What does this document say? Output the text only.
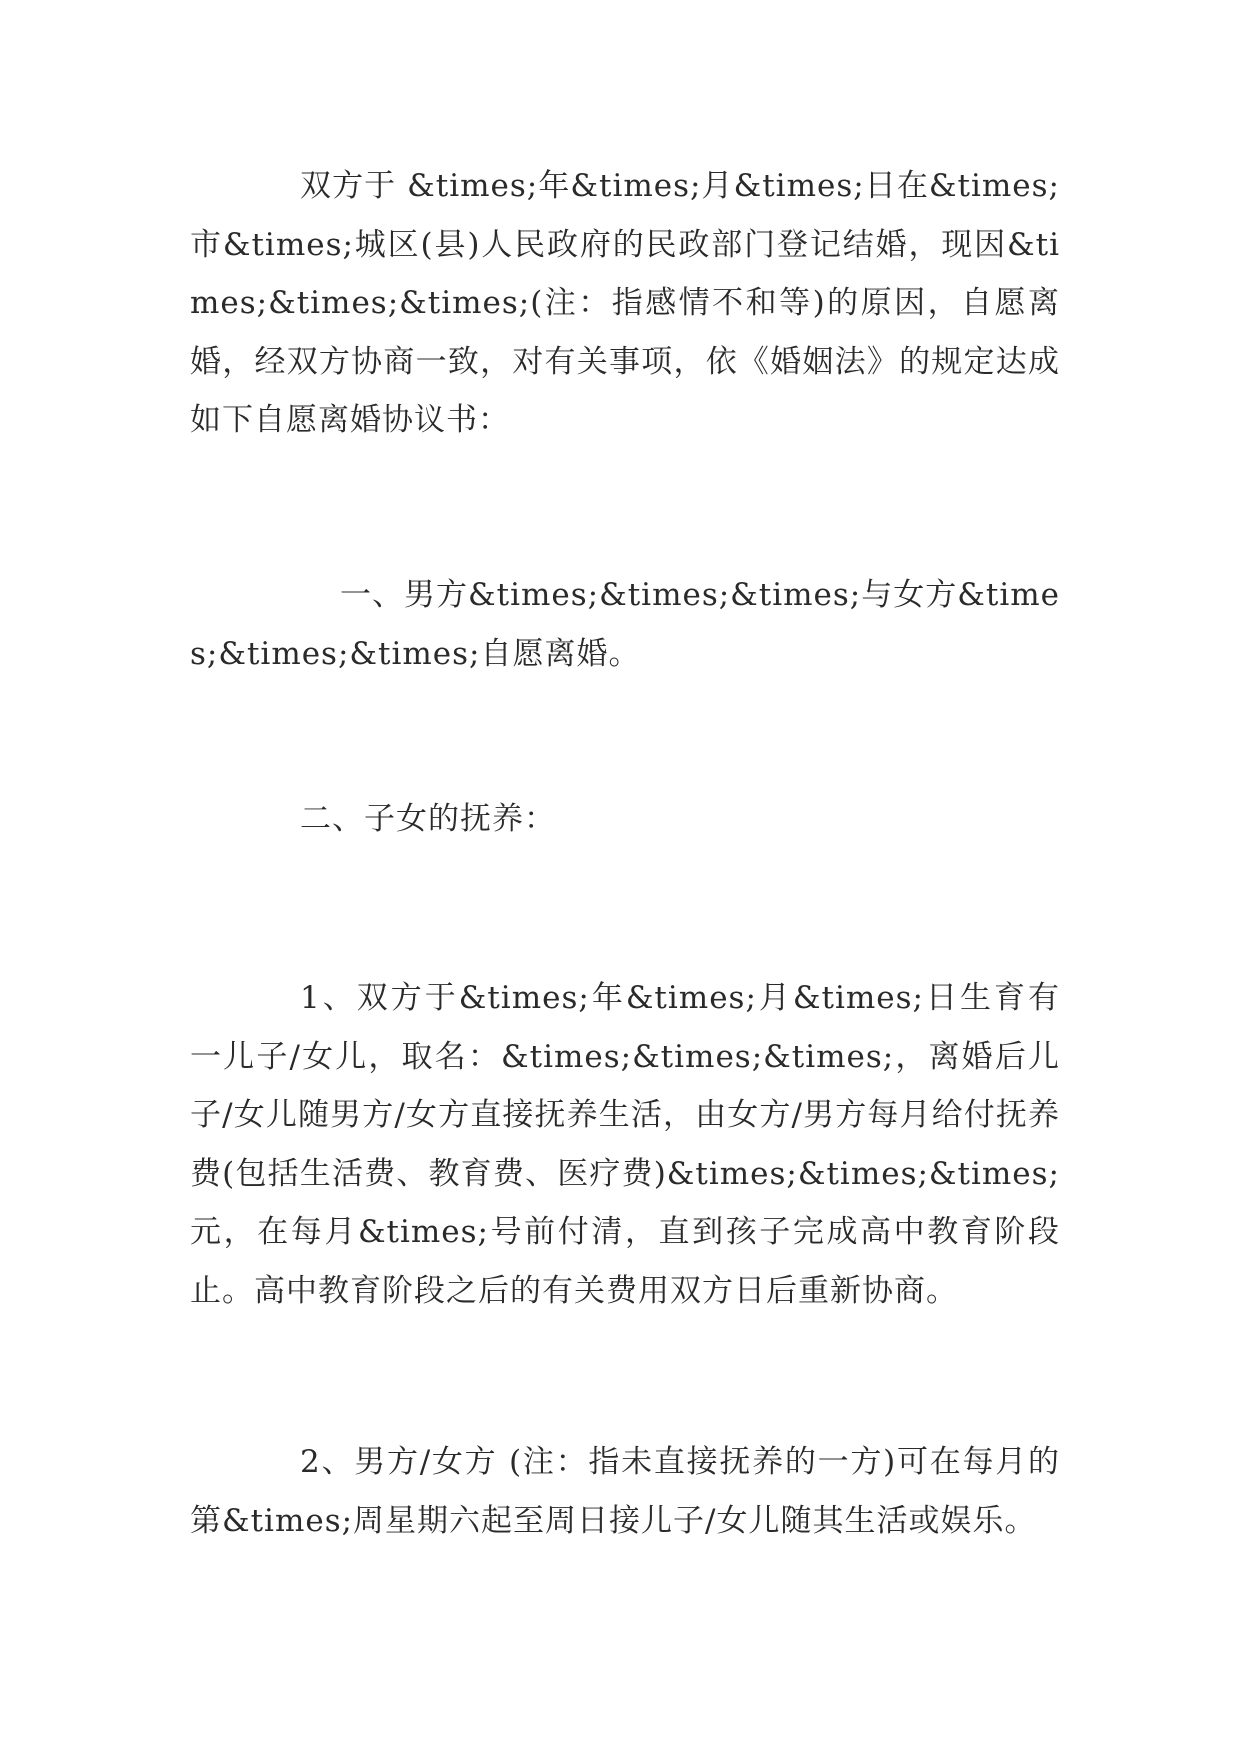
双方于 &times;年&times;月&times;日在&times;市&times;城区(县)人民政府的民政部门登记结婚，现因&times;&times;&times;(注：指感情不和等)的原因，自愿离婚，经双方协商一致，对有关事项，依《婚姻法》的规定达成如下自愿离婚协议书：

一、男方&times;&times;&times;与女方&times;&times;&times;自愿离婚。

二、子女的抚养：

1、双方于&times;年&times;月&times;日生育有一儿子/女儿，取名：&times;&times;&times;，离婚后儿子/女儿随男方/女方直接抚养生活，由女方/男方每月给付抚养费(包括生活费、教育费、医疗费)&times;&times;&times;元，在每月&times;号前付清，直到孩子完成高中教育阶段止。高中教育阶段之后的有关费用双方日后重新协商。

2、男方/女方 (注：指未直接抚养的一方)可在每月的第&times;周星期六起至周日接儿子/女儿随其生活或娱乐。
